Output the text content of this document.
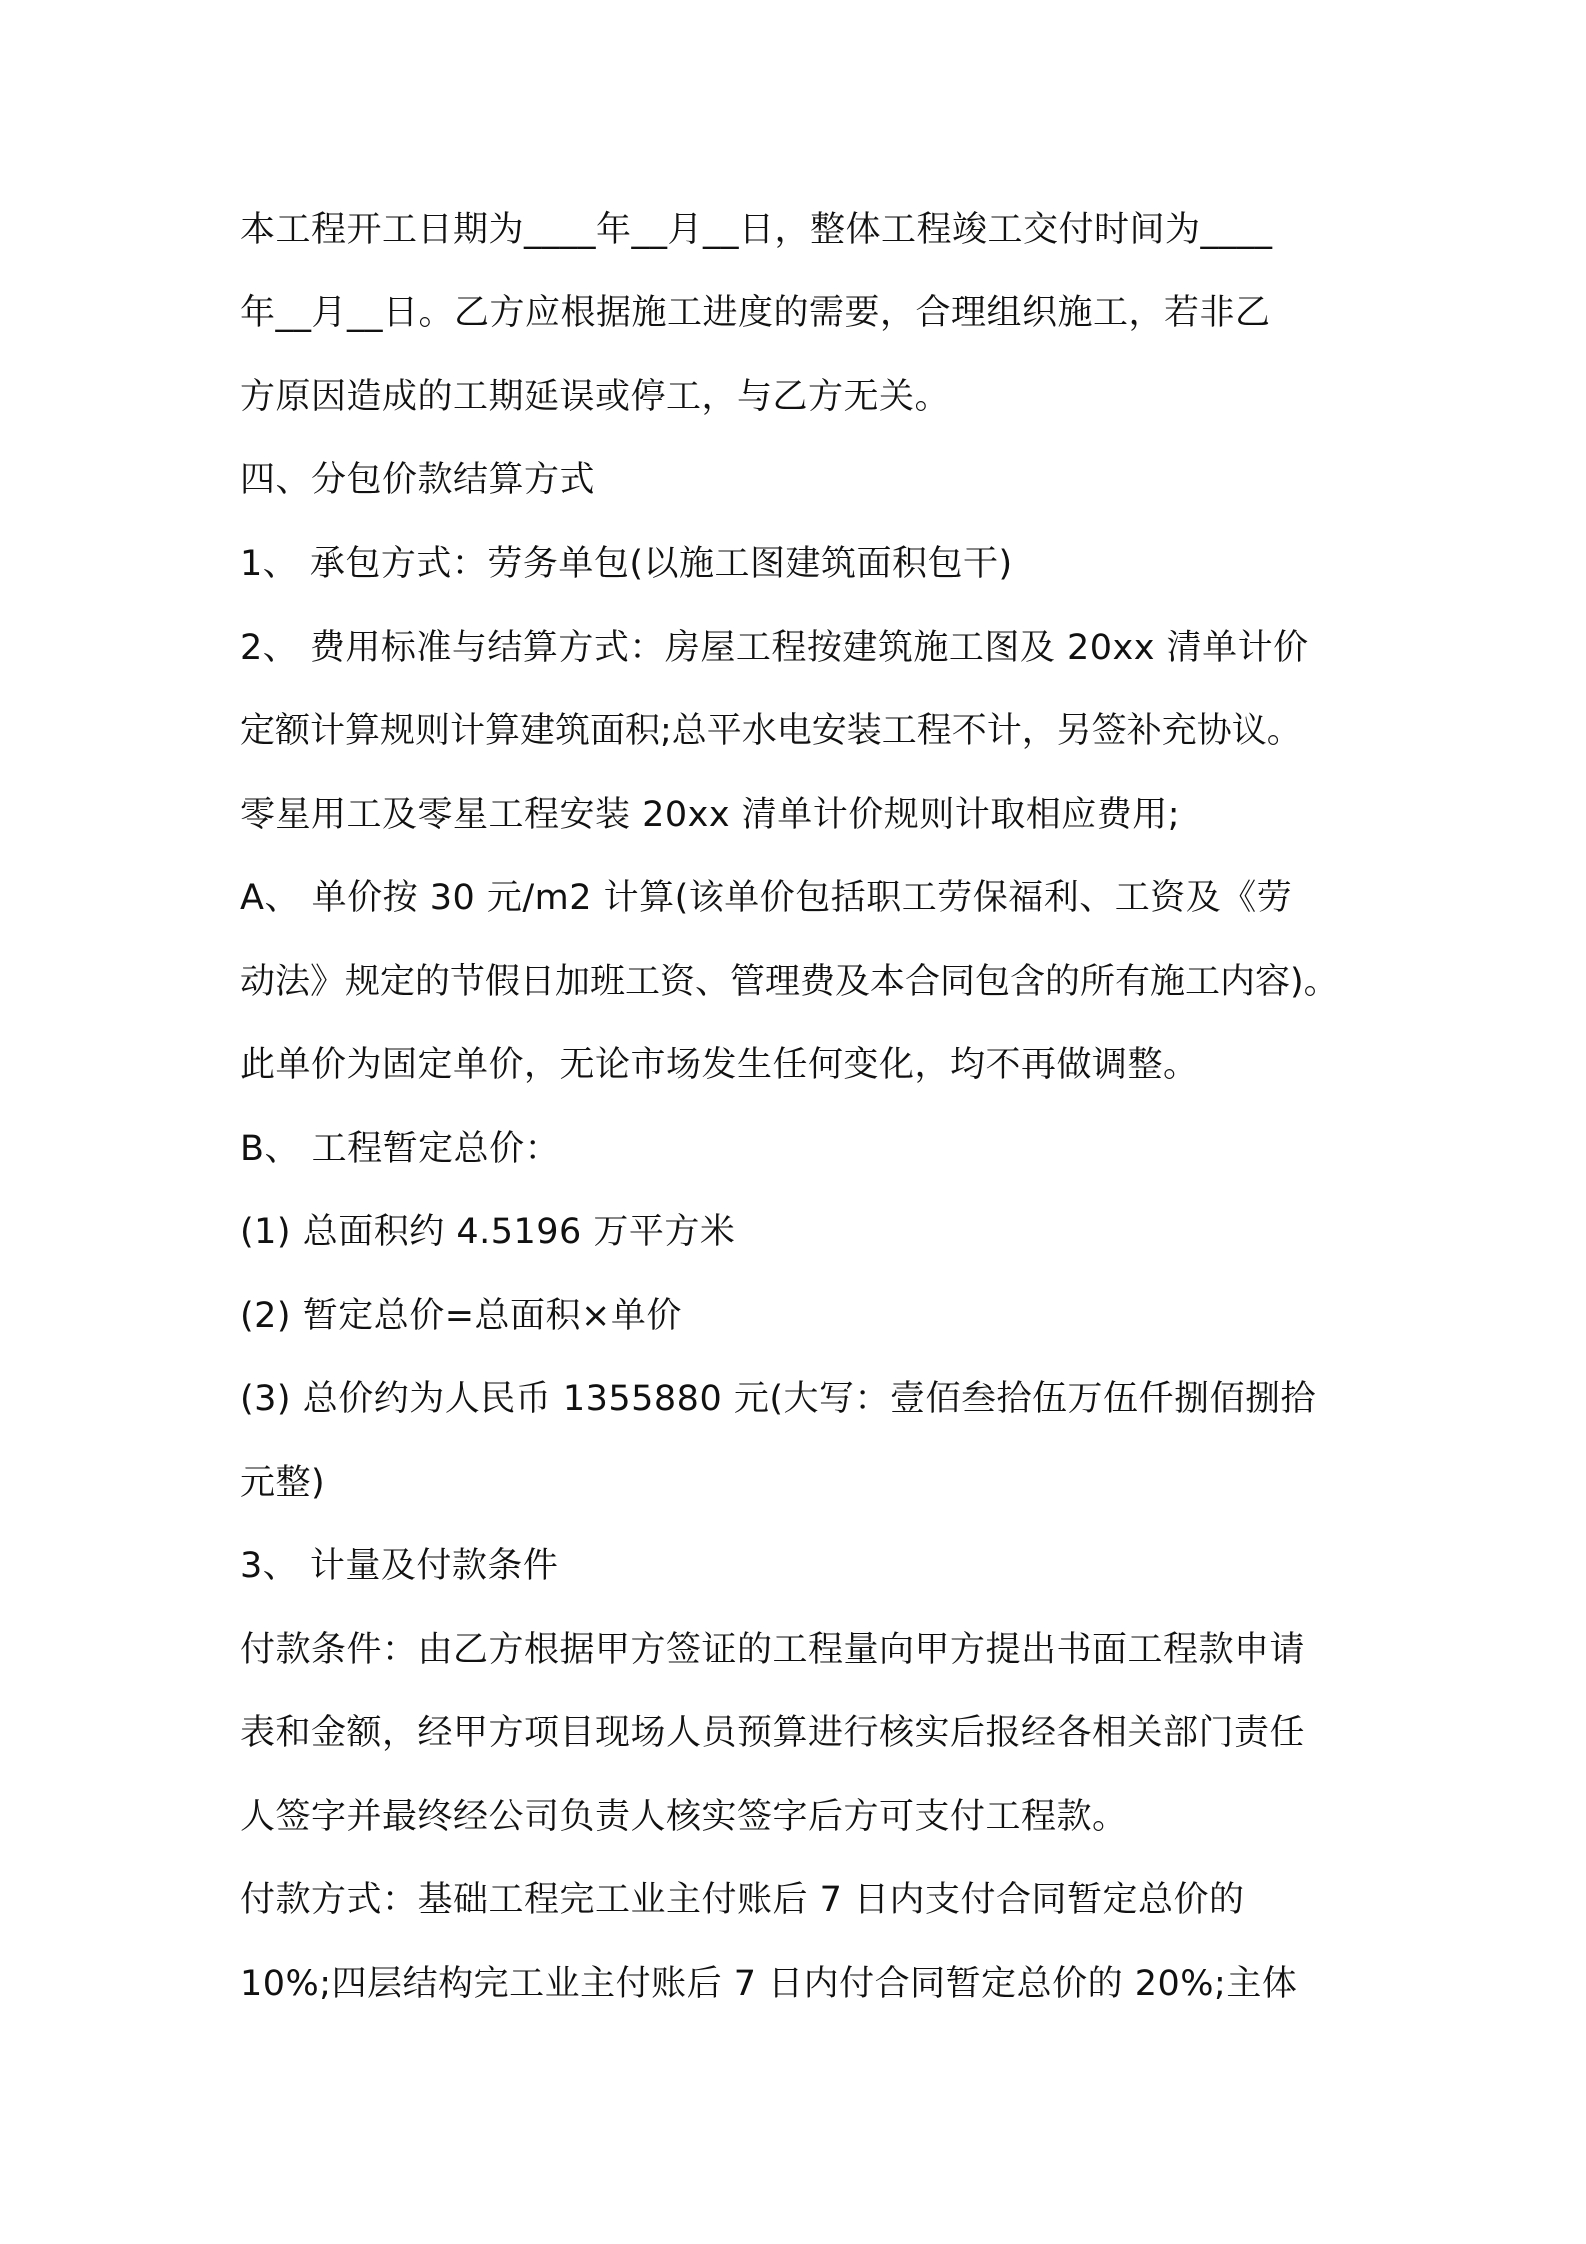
本工程开工日期为____年__月__日，整体工程竣工交付时间为____
年__月__日。乙方应根据施工进度的需要，合理组织施工，若非乙
方原因造成的工期延误或停工，与乙方无关。
四、分包价款结算方式
1、 承包方式：劳务单包(以施工图建筑面积包干)
2、 费用标准与结算方式：房屋工程按建筑施工图及 20xx 清单计价
定额计算规则计算建筑面积;总平水电安装工程不计，另签补充协议。
零星用工及零星工程安装 20xx 清单计价规则计取相应费用;
A、 单价按 30 元/m2 计算(该单价包括职工劳保福利、工资及《劳
动法》规定的节假日加班工资、管理费及本合同包含的所有施工内容)。
此单价为固定单价，无论市场发生任何变化，均不再做调整。
B、 工程暂定总价：
(1) 总面积约 4.5196 万平方米
(2) 暂定总价=总面积×单价
(3) 总价约为人民币 1355880 元(大写：壹佰叁拾伍万伍仟捌佰捌拾
元整)
3、 计量及付款条件
付款条件：由乙方根据甲方签证的工程量向甲方提出书面工程款申请
表和金额，经甲方项目现场人员预算进行核实后报经各相关部门责任
人签字并最终经公司负责人核实签字后方可支付工程款。
付款方式：基础工程完工业主付账后 7 日内支付合同暂定总价的
10%;四层结构完工业主付账后 7 日内付合同暂定总价的 20%;主体
